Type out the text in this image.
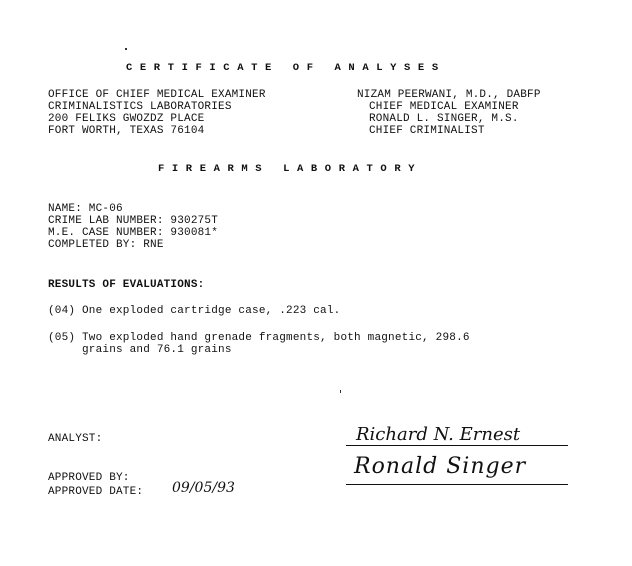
CERTIFICATE OF ANALYSES
OFFICE OF CHIEF MEDICAL EXAMINER
CRIMINALISTICS LABORATORIES
200 FELIKS GWOZDZ PLACE
FORT WORTH, TEXAS 76104
NIZAM PEERWANI, M.D., DABFP
CHIEF MEDICAL EXAMINER
RONALD L. SINGER, M.S.
CHIEF CRIMINALIST
FIREARMS LABORATORY
NAME: MC-06
CRIME LAB NUMBER: 930275T
M.E. CASE NUMBER: 930081*
COMPLETED BY: RNE
RESULTS OF EVALUATIONS:
(04) One exploded cartridge case, .223 cal.
(05) Two exploded hand grenade fragments, both magnetic, 298.6
grains and 76.1 grains
ANALYST:	Richard N. Ernest
APPROVED BY:	Ronald Singer
APPROVED DATE: 09/05/93
